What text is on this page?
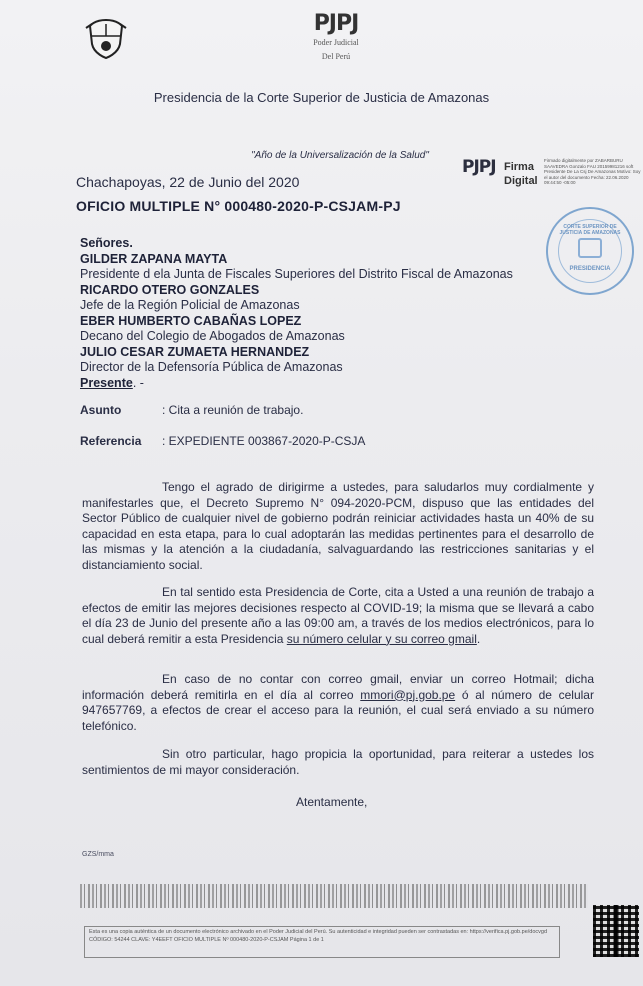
PJPJ
Poder Judicial
Del Perú
Presidencia de la Corte Superior de Justicia de Amazonas
"Año de la Universalización de la Salud"
Chachapoyas, 22 de Junio del 2020
OFICIO MULTIPLE N° 000480-2020-P-CSJAM-PJ
PJPJ Firma
Digital
Firmado digitalmente por ZABARBURU SAAVEDRA Gonzalo FAU 20159981216 soft Presidente De La Csj De Amazonas Motivo: Soy el autor del documento Fecha: 22.06.2020 09:44:50 -05:00
CORTE SUPERIOR DE JUSTICIA DE AMAZONAS
PRESIDENCIA
Señores.
GILDER ZAPANA MAYTA
Presidente d ela Junta de Fiscales Superiores del Distrito Fiscal de Amazonas
RICARDO OTERO GONZALES
Jefe de la Región Policial de Amazonas
EBER HUMBERTO CABAÑAS LOPEZ
Decano del Colegio de Abogados de Amazonas
JULIO CESAR ZUMAETA HERNANDEZ
Director de la Defensoría Pública de Amazonas
Presente. -
Asunto	: Cita a reunión de trabajo.
Referencia : EXPEDIENTE 003867-2020-P-CSJA
Tengo el agrado de dirigirme a ustedes, para saludarlos muy cordialmente y manifestarles que, el Decreto Supremo N° 094-2020-PCM, dispuso que las entidades del Sector Público de cualquier nivel de gobierno podrán reiniciar actividades hasta un 40% de su capacidad en esta etapa, para lo cual adoptarán las medidas pertinentes para el desarrollo de las mismas y la atención a la ciudadanía, salvaguardando las restricciones sanitarias y el distanciamiento social.
En tal sentido esta Presidencia de Corte, cita a Usted a una reunión de trabajo a efectos de emitir las mejores decisiones respecto al COVID-19; la misma que se llevará a cabo el día 23 de Junio del presente año a las 09:00 am, a través de los medios electrónicos, para lo cual deberá remitir a esta Presidencia su número celular y su correo gmail.
En caso de no contar con correo gmail, enviar un correo Hotmail; dicha información deberá remitirla en el día al correo mmori@pj.gob.pe ó al número de celular 947657769, a efectos de crear el acceso para la reunión, el cual será enviado a su número telefónico.
Sin otro particular, hago propicia la oportunidad, para reiterar a ustedes los sentimientos de mi mayor consideración.
Atentamente,
GZS/mma
Esta es una copia auténtica de un documento electrónico archivado en el Poder Judicial del Perú. Su autenticidad e integridad pueden ser contrastadas en: https://verifica.pj.gob.pe/docvgd CÓDIGO: 54244 CLAVE: Y4EEFT OFICIO MULTIPLE Nº 000480-2020-P-CSJAM Página 1 de 1
